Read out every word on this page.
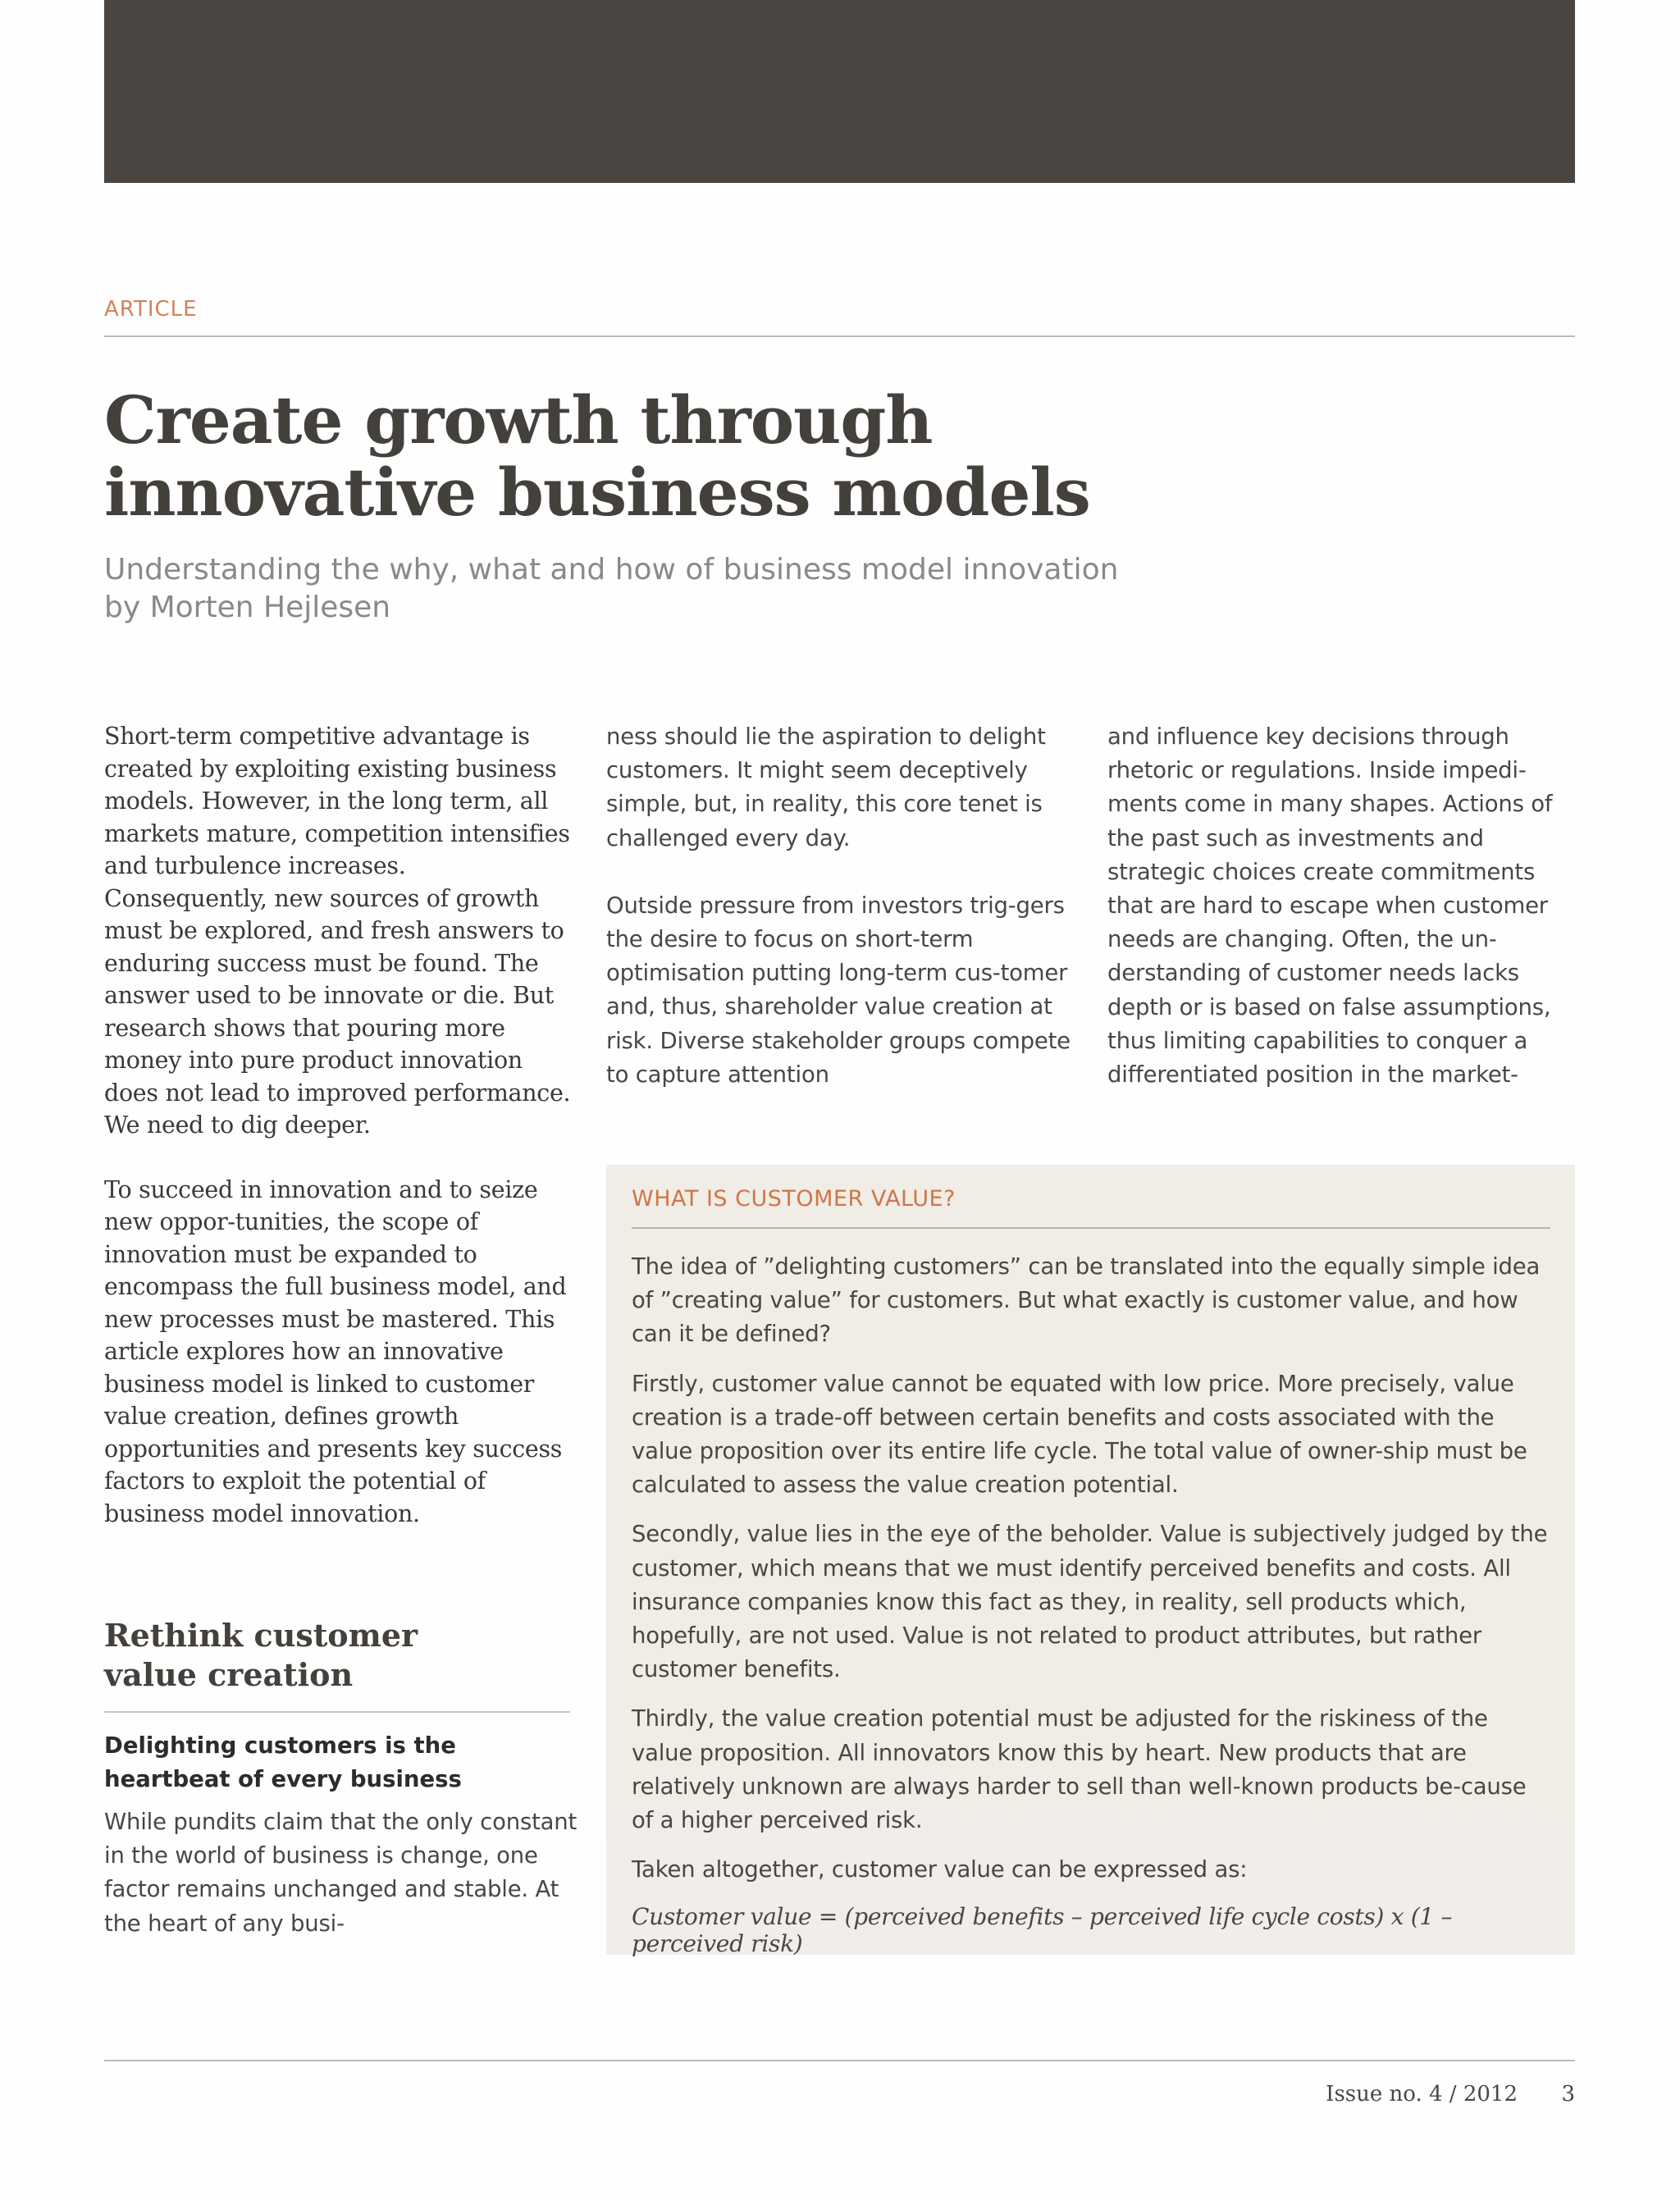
ARTICLE
Create growth through
innovative business models
Understanding the why, what and how of business model innovation
by Morten Hejlesen

Short-term competitive advantage is created by exploiting existing business models. However, in the long term, all markets mature, competition intensifies and turbulence increases. Consequently, new sources of growth must be explored, and fresh answers to enduring success must be found. The answer used to be innovate or die. But research shows that pouring more money into pure product innovation does not lead to improved performance. We need to dig deeper.

To succeed in innovation and to seize new oppor-tunities, the scope of innovation must be expanded to encompass the full business model, and new processes must be mastered. This article explores how an innovative business model is linked to customer value creation, defines growth opportunities and presents key success factors to exploit the potential of business model innovation.

Rethink customer
value creation
Delighting customers is the heartbeat of every business
While pundits claim that the only constant in the world of business is change, one factor remains unchanged and stable. At the heart of any busi-

ness should lie the aspiration to delight customers. It might seem deceptively simple, but, in reality, this core tenet is challenged every day.

Outside pressure from investors trig-gers the desire to focus on short-term optimisation putting long-term cus-tomer and, thus, shareholder value creation at risk. Diverse stakeholder groups compete to capture attention

and influence key decisions through rhetoric or regulations. Inside impedi-ments come in many shapes. Actions of the past such as investments and strategic choices create commitments that are hard to escape when customer needs are changing. Often, the un-derstanding of customer needs lacks depth or is based on false assumptions, thus limiting capabilities to conquer a differentiated position in the market-

WHAT IS CUSTOMER VALUE?

The idea of ”delighting customers” can be translated into the equally simple idea of ”creating value” for customers. But what exactly is customer value, and how can it be defined?

Firstly, customer value cannot be equated with low price. More precisely, value creation is a trade-off between certain benefits and costs associated with the value proposition over its entire life cycle. The total value of owner-ship must be calculated to assess the value creation potential.

Secondly, value lies in the eye of the beholder. Value is subjectively judged by the customer, which means that we must identify perceived benefits and costs. All insurance companies know this fact as they, in reality, sell products which, hopefully, are not used. Value is not related to product attributes, but rather customer benefits.

Thirdly, the value creation potential must be adjusted for the riskiness of the value proposition. All innovators know this by heart. New products that are relatively unknown are always harder to sell than well-known products be-cause of a higher perceived risk.

Taken altogether, customer value can be expressed as:

Customer value = (perceived benefits – perceived life cycle costs) x (1 – perceived risk)
Issue no. 4 / 2012	3
